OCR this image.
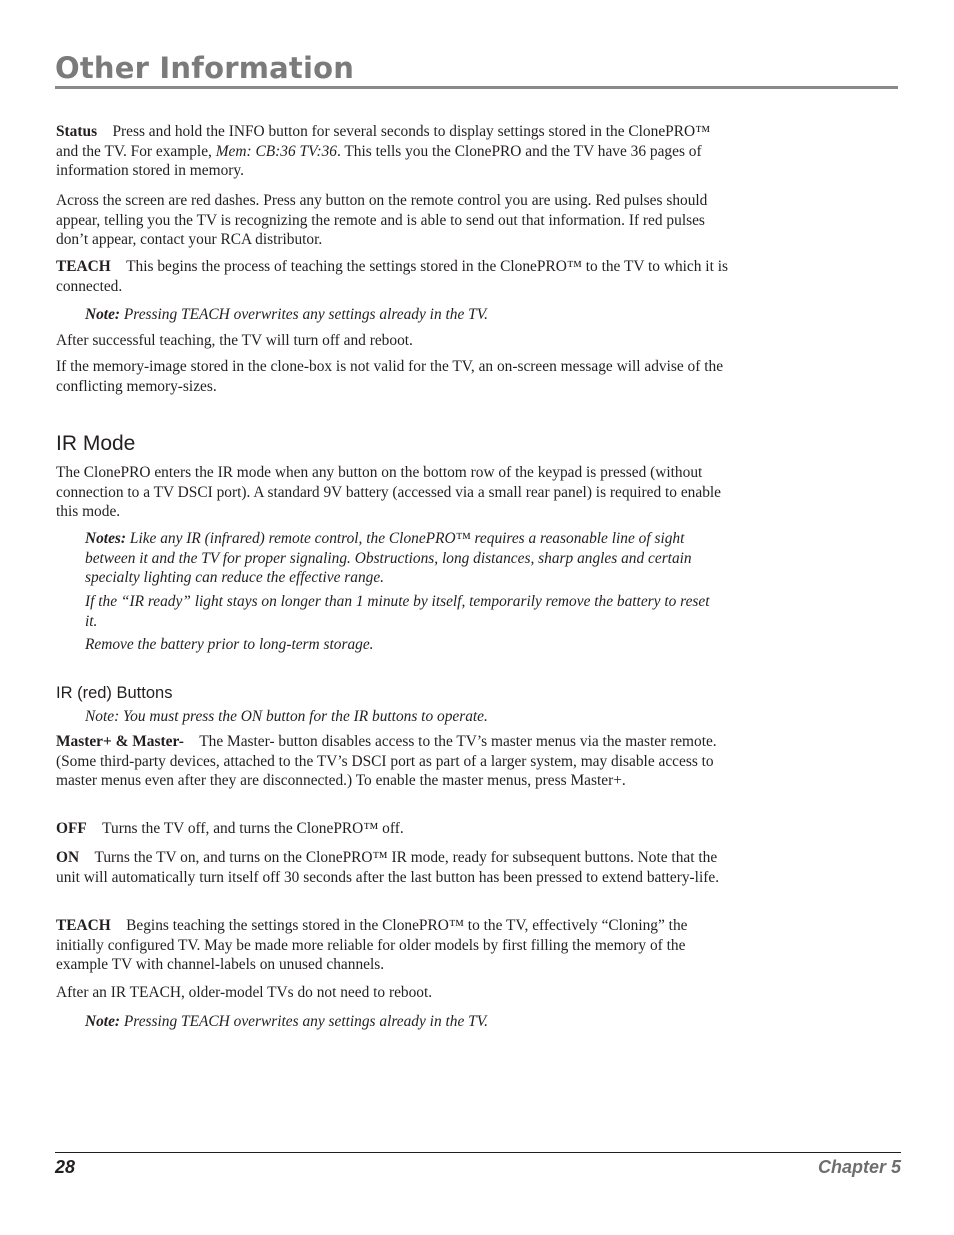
Other Information

Status Press and hold the INFO button for several seconds to display settings stored in the ClonePRO™ and the TV. For example, Mem: CB:36 TV:36. This tells you the ClonePRO and the TV have 36 pages of information stored in memory.

Across the screen are red dashes. Press any button on the remote control you are using. Red pulses should appear, telling you the TV is recognizing the remote and is able to send out that information. If red pulses don’t appear, contact your RCA distributor.

TEACH This begins the process of teaching the settings stored in the ClonePRO™ to the TV to which it is connected.

Note: Pressing TEACH overwrites any settings already in the TV.

After successful teaching, the TV will turn off and reboot.

If the memory-image stored in the clone-box is not valid for the TV, an on-screen message will advise of the conflicting memory-sizes.

IR Mode

The ClonePRO enters the IR mode when any button on the bottom row of the keypad is pressed (without connection to a TV DSCI port). A standard 9V battery (accessed via a small rear panel) is required to enable this mode.

Notes: Like any IR (infrared) remote control, the ClonePRO™ requires a reasonable line of sight between it and the TV for proper signaling. Obstructions, long distances, sharp angles and certain specialty lighting can reduce the effective range.

If the “IR ready” light stays on longer than 1 minute by itself, temporarily remove the battery to reset it.

Remove the battery prior to long-term storage.

IR (red) Buttons

Note: You must press the ON button for the IR buttons to operate.

Master+ & Master- The Master- button disables access to the TV’s master menus via the master remote. (Some third-party devices, attached to the TV’s DSCI port as part of a larger system, may disable access to master menus even after they are disconnected.) To enable the master menus, press Master+.

OFF Turns the TV off, and turns the ClonePRO™ off.

ON Turns the TV on, and turns on the ClonePRO™ IR mode, ready for subsequent buttons. Note that the unit will automatically turn itself off 30 seconds after the last button has been pressed to extend battery-life.

TEACH Begins teaching the settings stored in the ClonePRO™ to the TV, effectively “Cloning” the initially configured TV. May be made more reliable for older models by first filling the memory of the example TV with channel-labels on unused channels.

After an IR TEACH, older-model TVs do not need to reboot.

Note: Pressing TEACH overwrites any settings already in the TV.

28	Chapter 5
